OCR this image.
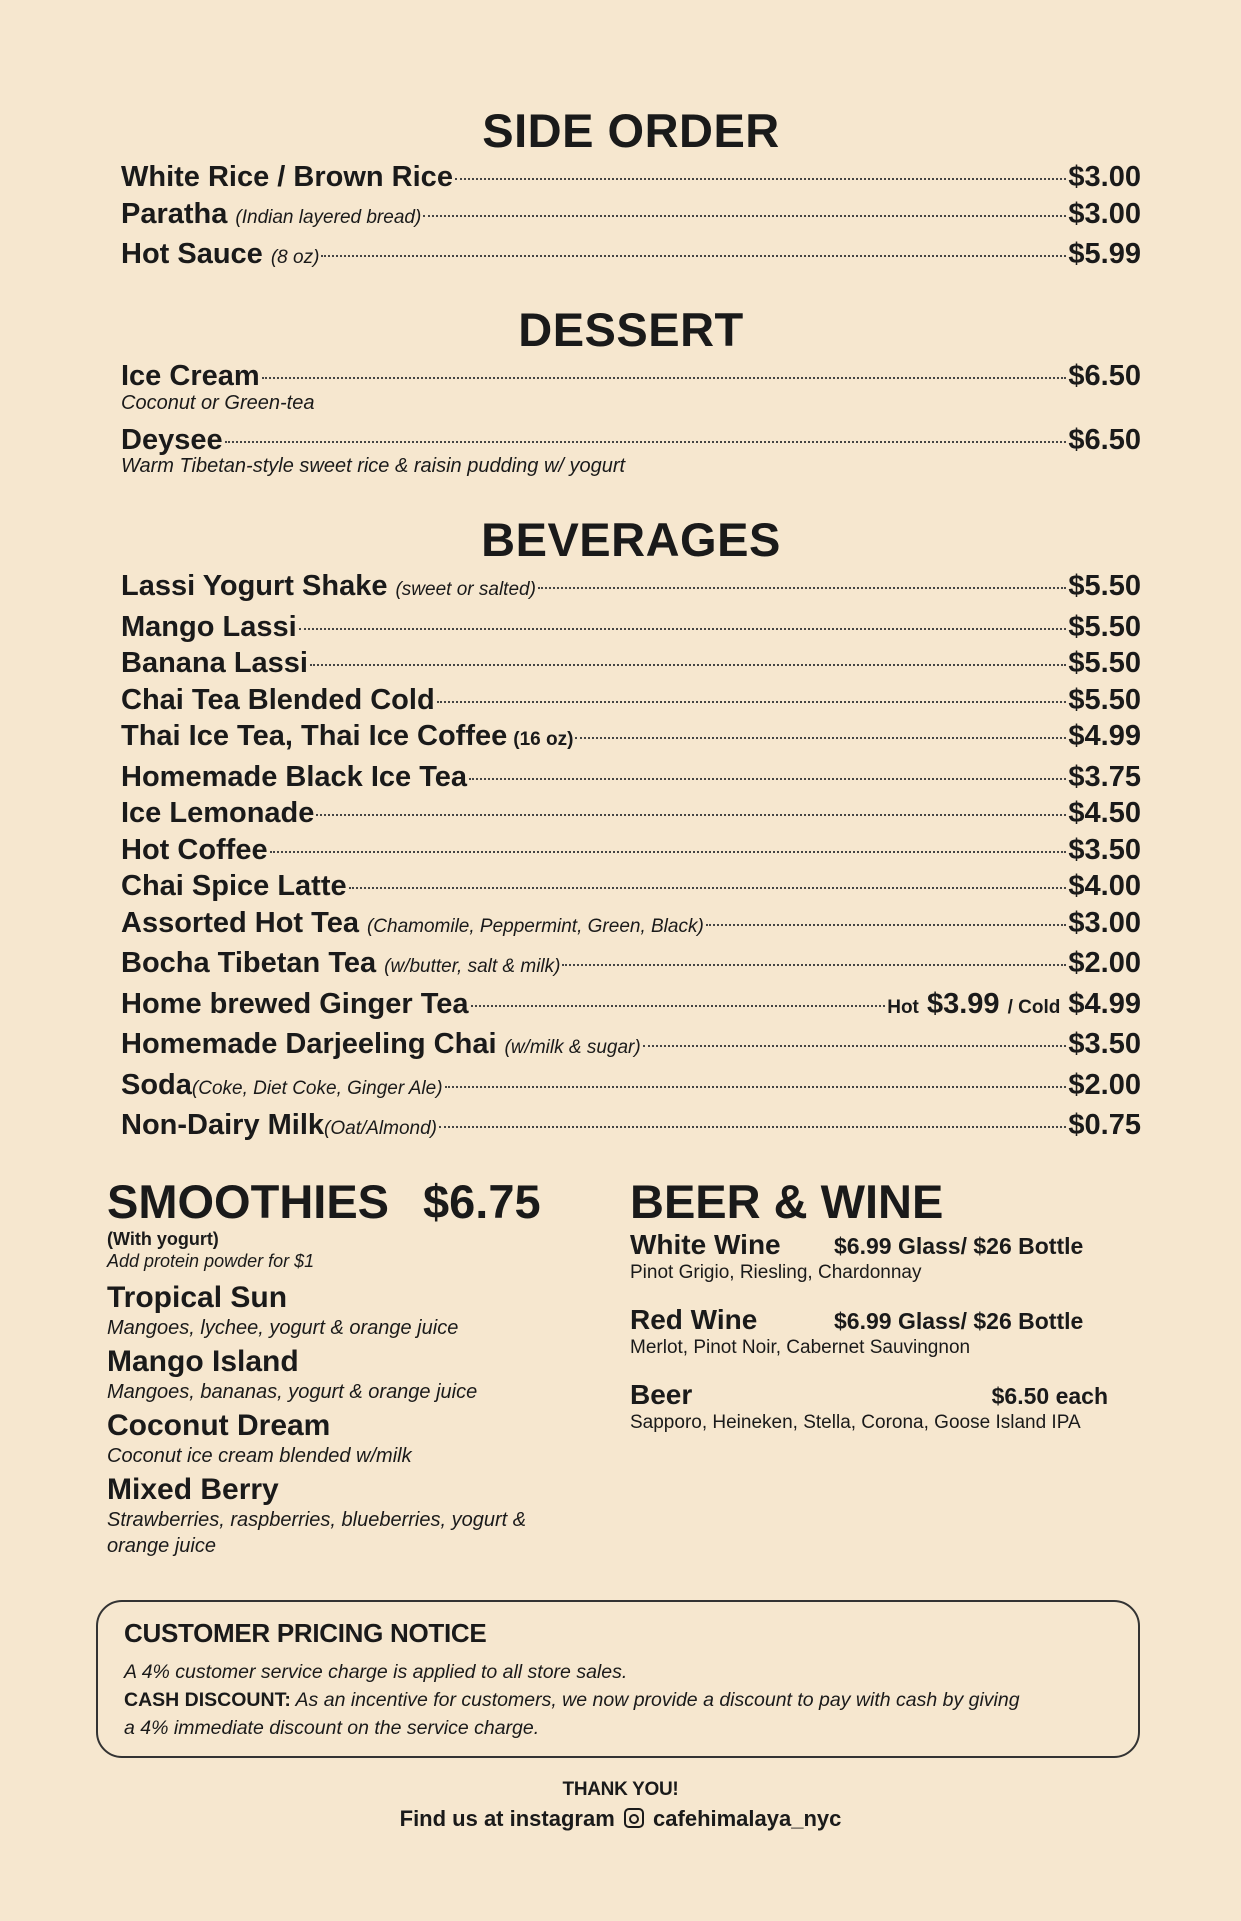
SIDE ORDER
White Rice / Brown Rice	$3.00
Paratha (Indian layered bread)	$3.00
Hot Sauce (8 oz)	$5.99
DESSERT
Ice Cream	$6.50
Coconut or Green-tea
Deysee	$6.50
Warm Tibetan-style sweet rice & raisin pudding w/ yogurt
BEVERAGES
Lassi Yogurt Shake (sweet or salted)	$5.50
Mango Lassi	$5.50
Banana Lassi	$5.50
Chai Tea Blended Cold	$5.50
Thai Ice Tea, Thai Ice Coffee (16 oz)	$4.99
Homemade Black Ice Tea	$3.75
Ice Lemonade	$4.50
Hot Coffee	$3.50
Chai Spice Latte	$4.00
Assorted Hot Tea (Chamomile, Peppermint, Green, Black)	$3.00
Bocha Tibetan Tea (w/butter, salt & milk)	$2.00
Home brewed Ginger Tea	Hot $3.99 / Cold $4.99
Homemade Darjeeling Chai (w/milk & sugar)	$3.50
Soda (Coke, Diet Coke, Ginger Ale)	$2.00
Non-Dairy Milk (Oat/Almond)	$0.75
SMOOTHIES $6.75
(With yogurt)
Add protein powder for $1
Tropical Sun
Mangoes, lychee, yogurt & orange juice
Mango Island
Mangoes, bananas, yogurt & orange juice
Coconut Dream
Coconut ice cream blended w/milk
Mixed Berry
Strawberries, raspberries, blueberries, yogurt & orange juice
BEER & WINE
White Wine	$6.99 Glass/ $26 Bottle
Pinot Grigio, Riesling, Chardonnay
Red Wine	$6.99 Glass/ $26 Bottle
Merlot, Pinot Noir, Cabernet Sauvingnon
Beer	$6.50 each
Sapporo, Heineken, Stella, Corona, Goose Island IPA
CUSTOMER PRICING NOTICE
A 4% customer service charge is applied to all store sales.
CASH DISCOUNT: As an incentive for customers, we now provide a discount to pay with cash by giving
a 4% immediate discount on the service charge.
THANK YOU!
Find us at instagram cafehimalaya_nyc
